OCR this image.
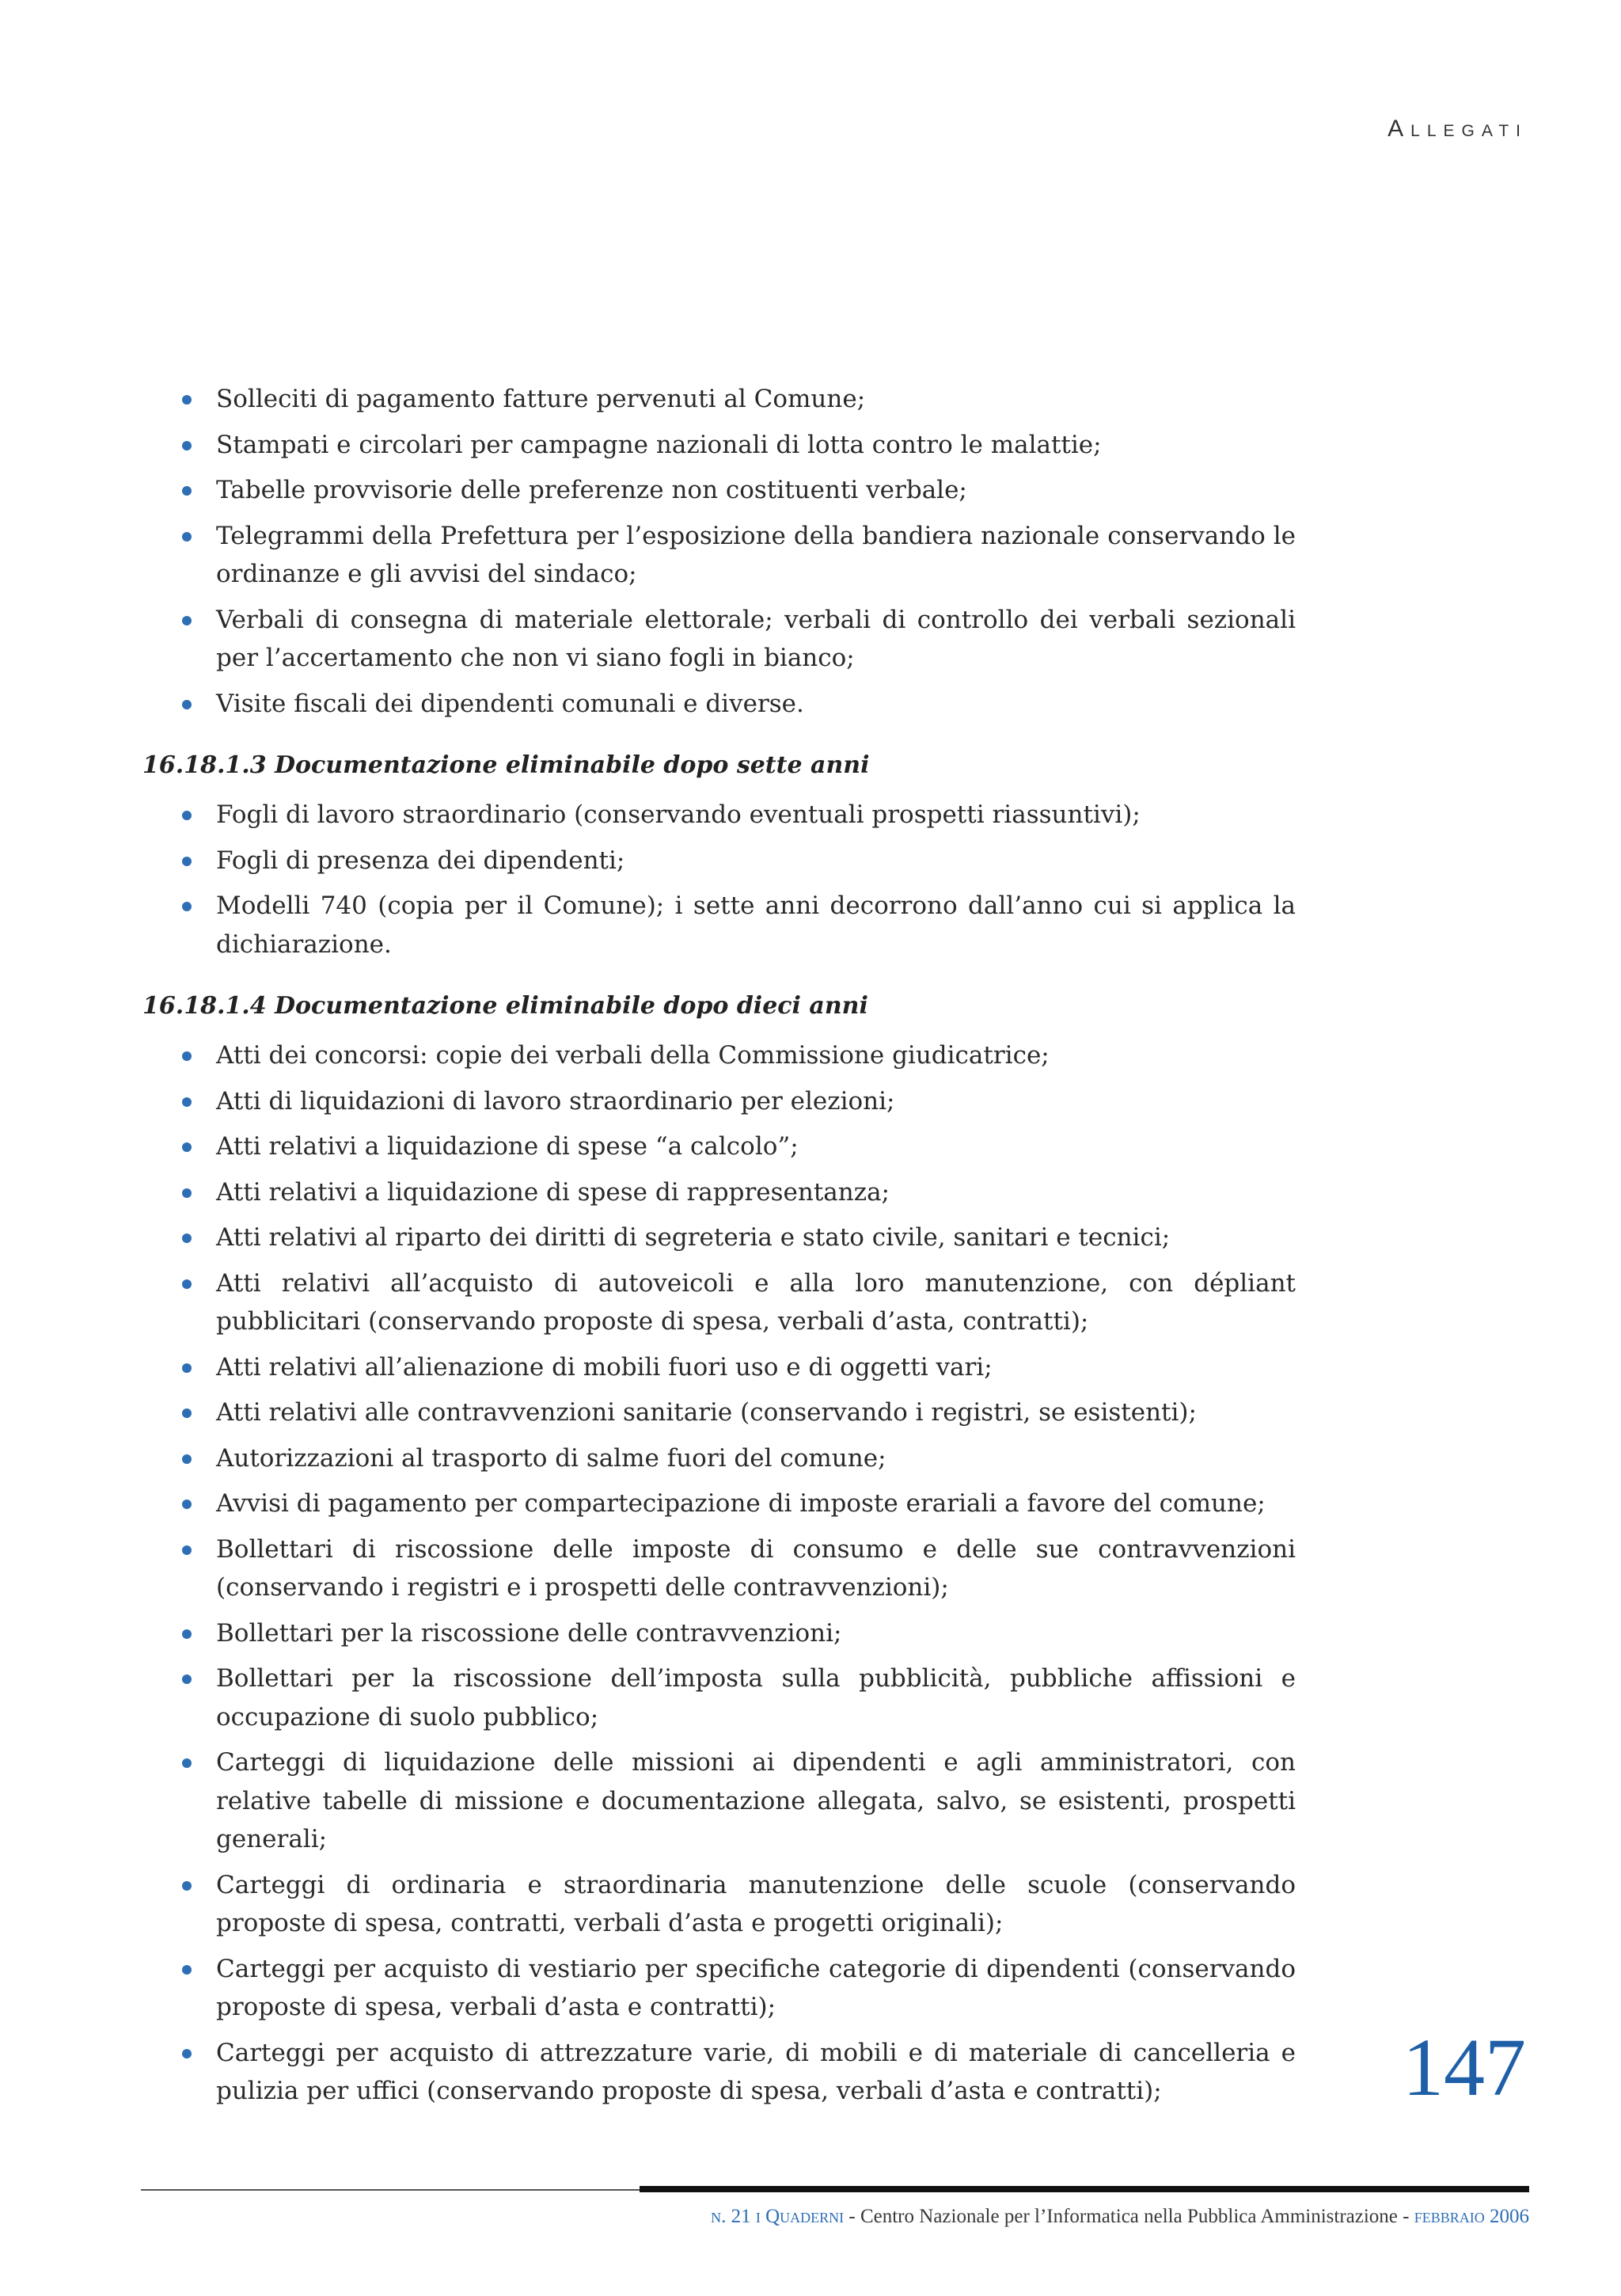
Allegati
Solleciti di pagamento fatture pervenuti al Comune;
Stampati e circolari per campagne nazionali di lotta contro le malattie;
Tabelle provvisorie delle preferenze non costituenti verbale;
Telegrammi della Prefettura per l’esposizione della bandiera nazionale conservando le ordinanze e gli avvisi del sindaco;
Verbali di consegna di materiale elettorale; verbali di controllo dei verbali sezionali per l’accertamento che non vi siano fogli in bianco;
Visite fiscali dei dipendenti comunali e diverse.
16.18.1.3 Documentazione eliminabile dopo sette anni
Fogli di lavoro straordinario (conservando eventuali prospetti riassuntivi);
Fogli di presenza dei dipendenti;
Modelli 740 (copia per il Comune); i sette anni decorrono dall’anno cui si applica la dichiarazione.
16.18.1.4 Documentazione eliminabile dopo dieci anni
Atti dei concorsi: copie dei verbali della Commissione giudicatrice;
Atti di liquidazioni di lavoro straordinario per elezioni;
Atti relativi a liquidazione di spese “a calcolo”;
Atti relativi a liquidazione di spese di rappresentanza;
Atti relativi al riparto dei diritti di segreteria e stato civile, sanitari e tecnici;
Atti relativi all’acquisto di autoveicoli e alla loro manutenzione, con dépliant pubblicitari (conservando proposte di spesa, verbali d’asta, contratti);
Atti relativi all’alienazione di mobili fuori uso e di oggetti vari;
Atti relativi alle contravvenzioni sanitarie (conservando i registri, se esistenti);
Autorizzazioni al trasporto di salme fuori del comune;
Avvisi di pagamento per compartecipazione di imposte erariali a favore del comune;
Bollettari di riscossione delle imposte di consumo e delle sue contravvenzioni (conservando i registri e i prospetti delle contravvenzioni);
Bollettari per la riscossione delle contravvenzioni;
Bollettari per la riscossione dell’imposta sulla pubblicità, pubbliche affissioni e occupazione di suolo pubblico;
Carteggi di liquidazione delle missioni ai dipendenti e agli amministratori, con relative tabelle di missione e documentazione allegata, salvo, se esistenti, prospetti generali;
Carteggi di ordinaria e straordinaria manutenzione delle scuole (conservando proposte di spesa, contratti, verbali d’asta e progetti originali);
Carteggi per acquisto di vestiario per specifiche categorie di dipendenti (conservando proposte di spesa, verbali d’asta e contratti);
Carteggi per acquisto di attrezzature varie, di mobili e di materiale di cancelleria e pulizia per uffici (conservando proposte di spesa, verbali d’asta e contratti);	147
n. 21 i Quaderni - Centro Nazionale per l’Informatica nella Pubblica Amministrazione - febbraio 2006
